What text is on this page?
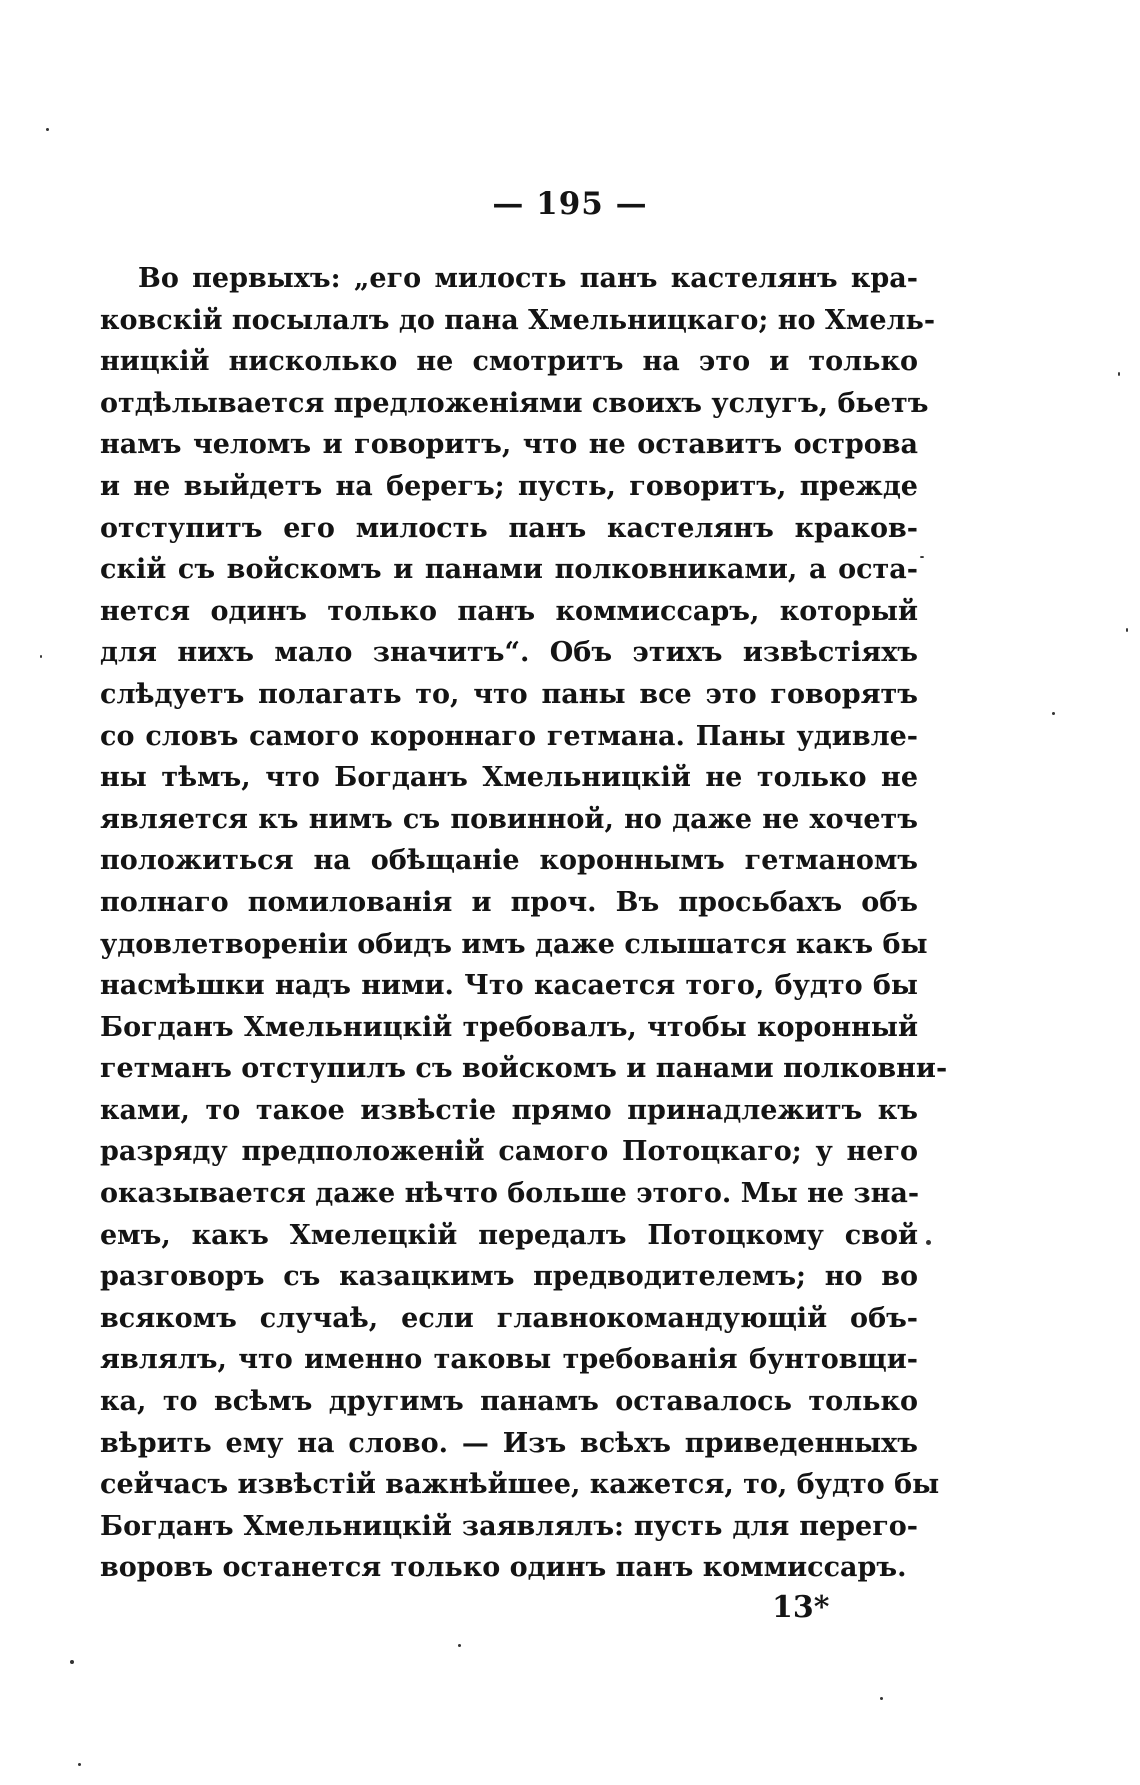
— 195 —
Во первыхъ: „его милость панъ кастелянъ кра-
ковскій посылалъ до пана Хмельницкаго; но Хмель-
ницкій нисколько не смотритъ на это и только
отдѣлывается предложеніями своихъ услугъ, бьетъ
намъ челомъ и говоритъ, что не оставитъ острова
и не выйдетъ на берегъ; пусть, говоритъ, прежде
отступитъ его милость панъ кастелянъ краков-
скій съ войскомъ и панами полковниками, а оста-
нется одинъ только панъ коммиссаръ, который
для нихъ мало значитъ“. Объ этихъ извѣстіяхъ
слѣдуетъ полагать то, что паны все это говорятъ
со словъ самого короннаго гетмана. Паны удивле-
ны тѣмъ, что Богданъ Хмельницкій не только не
является къ нимъ съ повинной, но даже не хочетъ
положиться на обѣщаніе короннымъ гетманомъ
полнаго помилованія и проч. Въ просьбахъ объ
удовлетвореніи обидъ имъ даже слышатся какъ бы
насмѣшки надъ ними. Что касается того, будто бы
Богданъ Хмельницкій требовалъ, чтобы коронный
гетманъ отступилъ съ войскомъ и панами полковни-
ками, то такое извѣстіе прямо принадлежитъ къ
разряду предположеній самого Потоцкаго; у него
оказывается даже нѣчто больше этого. Мы не зна-
емъ, какъ Хмелецкій передалъ Потоцкому свой
разговоръ съ казацкимъ предводителемъ; но во
всякомъ случаѣ, если главнокомандующій объ-
являлъ, что именно таковы требованія бунтовщи-
ка, то всѣмъ другимъ панамъ оставалось только
вѣрить ему на слово. — Изъ всѣхъ приведенныхъ
сейчасъ извѣстій важнѣйшее, кажется, то, будто бы
Богданъ Хмельницкій заявлялъ: пусть для перего-
воровъ останется только одинъ панъ коммиссаръ.
13*
